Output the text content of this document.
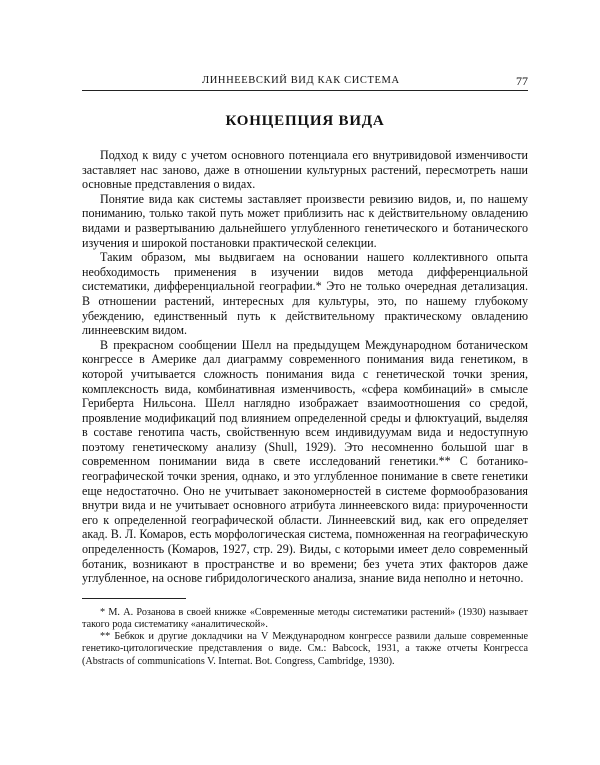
ЛИННЕЕВСКИЙ ВИД КАК СИСТЕМА	77
КОНЦЕПЦИЯ ВИДА

Подход к виду с учетом основного потенциала его внутривидовой изменчивости заставляет нас заново, даже в отношении культурных растений, пересмотреть наши основные представления о видах.

Понятие вида как системы заставляет произвести ревизию видов, и, по нашему пониманию, только такой путь может приблизить нас к действительному овладению видами и развертыванию дальнейшего углубленного генетического и ботанического изучения и широкой постановки практической селекции.

Таким образом, мы выдвигаем на основании нашего коллективного опыта необходимость применения в изучении видов метода дифференциальной систематики, дифференциальной географии.* Это не только очередная детализация. В отношении растений, интересных для культуры, это, по нашему глубокому убеждению, единственный путь к действительному практическому овладению линнеевским видом.

В прекрасном сообщении Шелл на предыдущем Международном ботаническом конгрессе в Америке дал диаграмму современного понимания вида генетиком, в которой учитывается сложность понимания вида с генетической точки зрения, комплексность вида, комбинативная изменчивость, «сфера комбинаций» в смысле Гериберта Нильсона. Шелл наглядно изображает взаимоотношения со средой, проявление модификаций под влиянием определенной среды и флюктуаций, выделяя в составе генотипа часть, свойственную всем индивидуумам вида и недоступную поэтому генетическому анализу (Shull, 1929). Это несомненно большой шаг в современном понимании вида в свете исследований генетики.** С ботанико-географической точки зрения, однако, и это углубленное понимание в свете генетики еще недостаточно. Оно не учитывает закономерностей в системе формообразования внутри вида и не учитывает основного атрибута линнеевского вида: приуроченности его к определенной географической области. Линнеевский вид, как его определяет акад. В. Л. Комаров, есть морфологическая система, помноженная на географическую определенность (Комаров, 1927, стр. 29). Виды, с которыми имеет дело современный ботаник, возникают в пространстве и во времени; без учета этих факторов даже углубленное, на основе гибридологического анализа, знание вида неполно и неточно.

* М. А. Розанова в своей книжке «Современные методы систематики растений» (1930) называет такого рода систематику «аналитической».

** Бебкок и другие докладчики на V Международном конгрессе развили дальше современные генетико-цитологические представления о виде. См.: Babcock, 1931, а также отчеты Конгресса (Abstracts of communications V. Internat. Bot. Congress, Cambridge, 1930).
